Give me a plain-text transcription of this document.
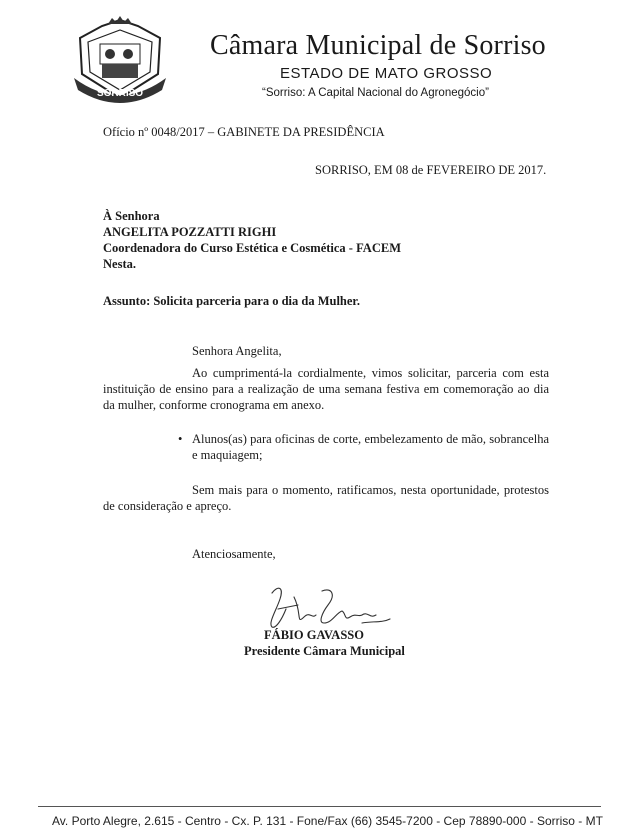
SORRISO
Câmara Municipal de Sorriso
ESTADO DE MATO GROSSO
“Sorriso: A Capital Nacional do Agronegócio”
Ofício nº 0048/2017 – GABINETE DA PRESIDÊNCIA
SORRISO, EM 08 de FEVEREIRO DE 2017.
À Senhora
ANGELITA POZZATTI RIGHI
Coordenadora do Curso Estética e Cosmética - FACEM
Nesta.
Assunto: Solicita parceria para o dia da Mulher.
Senhora Angelita,
Ao cumprimentá-la cordialmente, vimos solicitar, parceria com esta instituição de ensino para a realização de uma semana festiva em comemoração ao dia da mulher, conforme cronograma em anexo.
• Alunos(as) para oficinas de corte, embelezamento de mão, sobrancelha e maquiagem;
Sem mais para o momento, ratificamos, nesta oportunidade, protestos de consideração e apreço.
Atenciosamente,
FÁBIO GAVASSO
Presidente Câmara Municipal
Av. Porto Alegre, 2.615 - Centro - Cx. P. 131 - Fone/Fax (66) 3545-7200 - Cep 78890-000 - Sorriso - MT
